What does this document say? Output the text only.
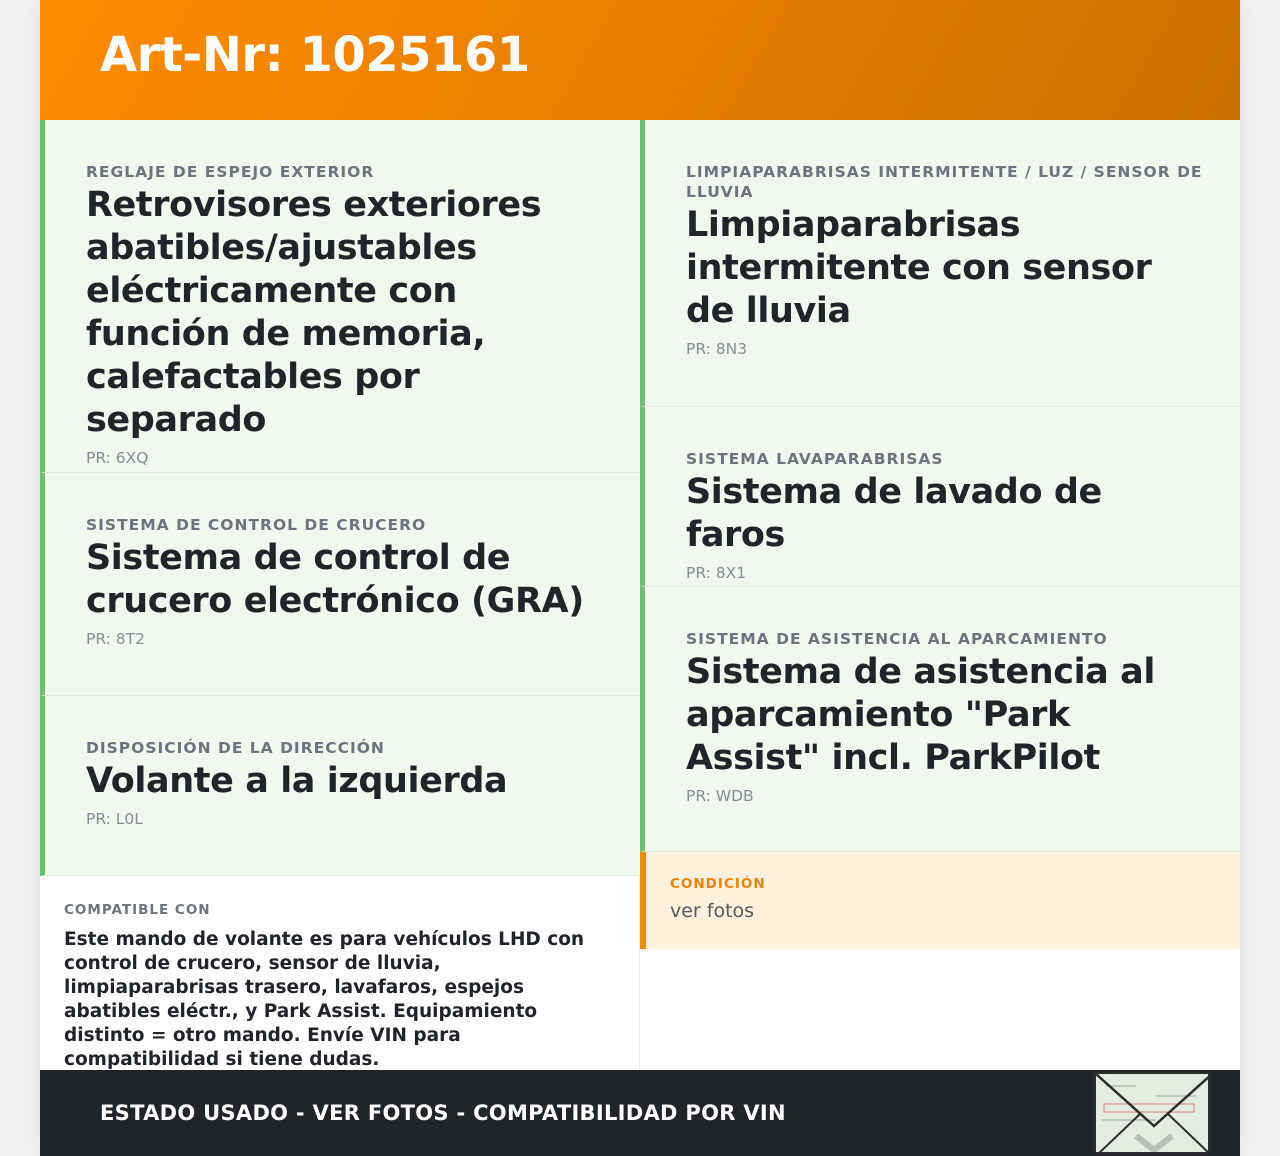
Art-Nr: 1025161
REGLAJE DE ESPEJO EXTERIOR
Retrovisores exteriores abatibles/ajustables eléctricamente con función de memoria, calefactables por separado
PR: 6XQ
SISTEMA DE CONTROL DE CRUCERO
Sistema de control de crucero electrónico (GRA)
PR: 8T2
DISPOSICIÓN DE LA DIRECCIÓN
Volante a la izquierda
PR: L0L
LIMPIAPARABRISAS INTERMITENTE / LUZ / SENSOR DE LLUVIA
Limpiaparabrisas intermitente con sensor de lluvia
PR: 8N3
SISTEMA LAVAPARABRISAS
Sistema de lavado de faros
PR: 8X1
SISTEMA DE ASISTENCIA AL APARCAMIENTO
Sistema de asistencia al aparcamiento "Park Assist" incl. ParkPilot
PR: WDB
COMPATIBLE CON
Este mando de volante es para vehículos LHD con control de crucero, sensor de lluvia, limpiaparabrisas trasero, lavafaros, espejos abatibles eléctr., y Park Assist. Equipamiento distinto = otro mando. Envíe VIN para compatibilidad si tiene dudas.
CONDICIÓN
ver fotos
ESTADO USADO - VER FOTOS - COMPATIBILIDAD POR VIN
